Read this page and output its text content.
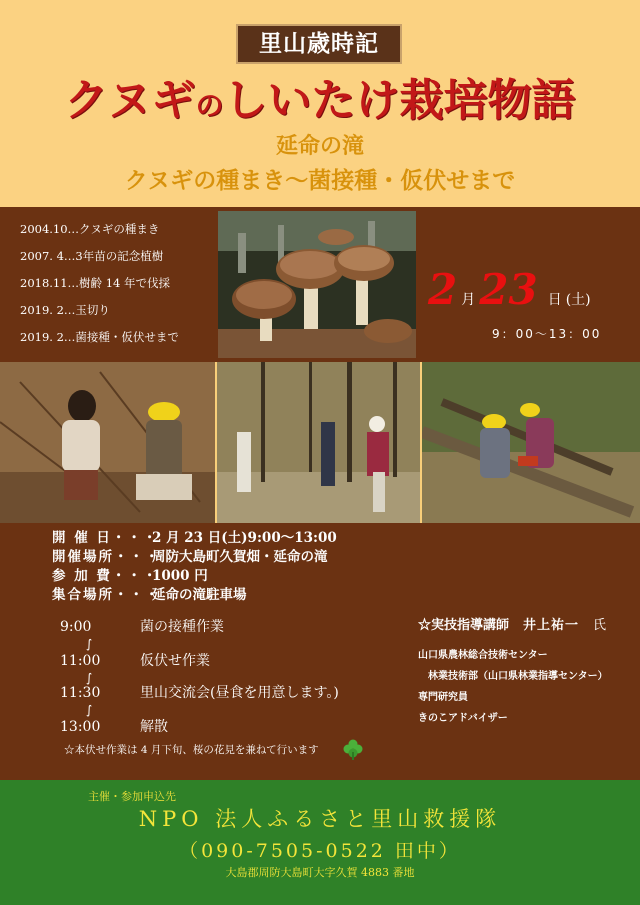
里山歳時記
クヌギのしいたけ栽培物語
延命の滝
クヌギの種まき〜菌接種・仮伏せまで
2004.10…クヌギの種まき
2007. 4…3年苗の記念植樹
2018.11…樹齢 14 年で伐採
2019. 2…玉切り
2019. 2…菌接種・仮伏せまで
2 月23 日 (土)
9：00〜13：00
開 催 日・・・2 月 23 日(土)9:00〜13:00
開催場所・・・周防大島町久賀畑・延命の滝
参 加 費・・・1000 円
集合場所・・・延命の滝駐車場
9:00	菌の接種作業
∫
11:00	仮伏せ作業
∫
11:30	里山交流会(昼食を用意します。)
∫
13:00	解散
☆本伏せ作業は 4 月下旬、桜の花見を兼ねて行います
☆実技指導講師 井上祐一 氏
山口県農林総合技術センター
　林業技術部（山口県林業指導センター）
専門研究員
きのこアドバイザー
主催・参加申込先
NPO 法人ふるさと里山救援隊
（090-7505-0522 田中）
大島郡周防大島町大字久賀 4883 番地
